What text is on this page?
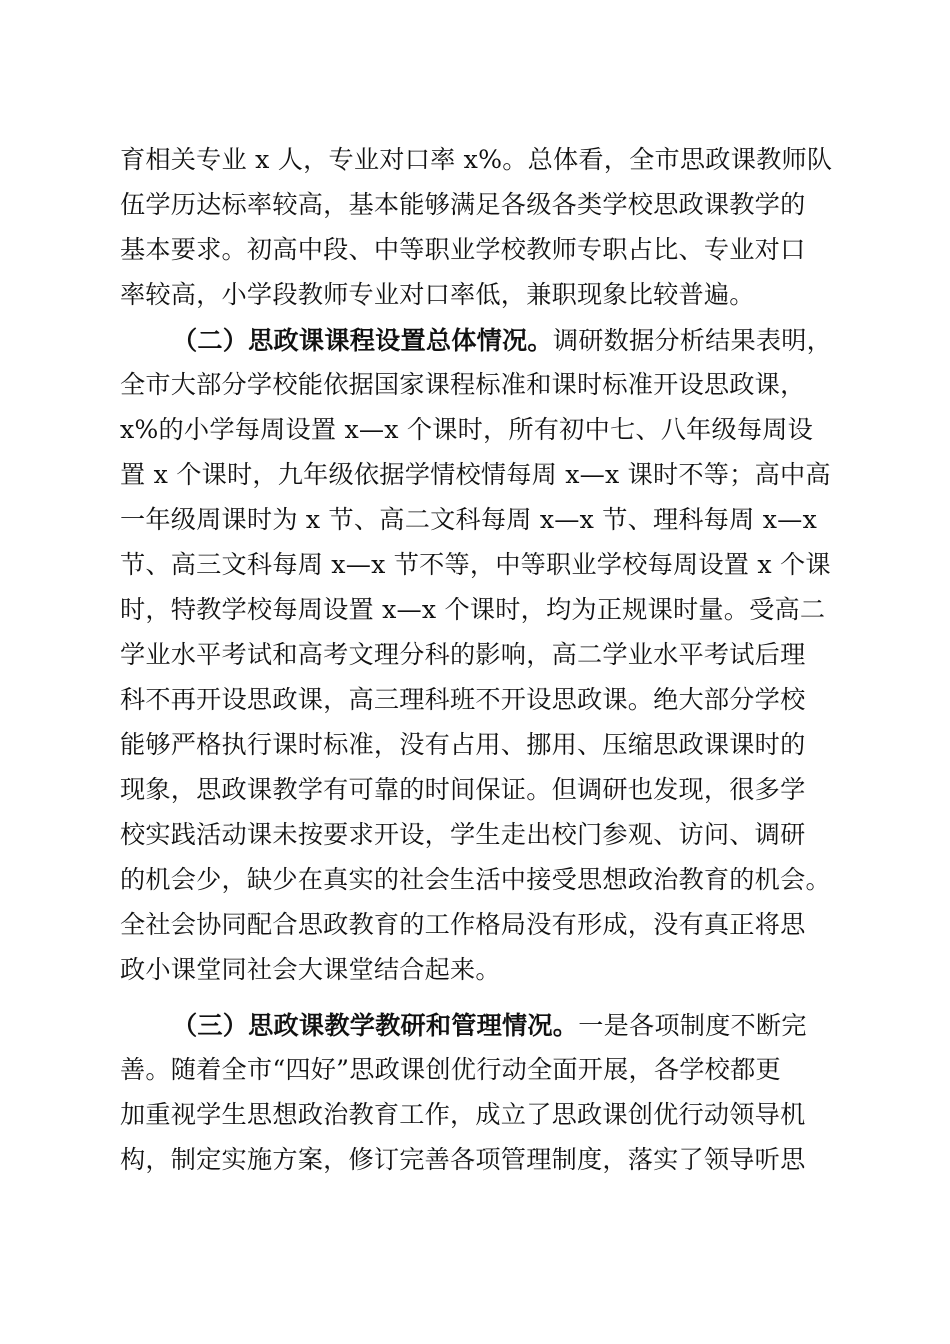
育相关专业 x 人，专业对口率 x%。总体看，全市思政课教师队
伍学历达标率较高，基本能够满足各级各类学校思政课教学的
基本要求。初高中段、中等职业学校教师专职占比、专业对口
率较高，小学段教师专业对口率低，兼职现象比较普遍。
（二）思政课课程设置总体情况。调研数据分析结果表明，
全市大部分学校能依据国家课程标准和课时标准开设思政课，
x%的小学每周设置 x—x 个课时，所有初中七、八年级每周设
置 x 个课时，九年级依据学情校情每周 x—x 课时不等；高中高
一年级周课时为 x 节、高二文科每周 x—x 节、理科每周 x—x
节、高三文科每周 x—x 节不等，中等职业学校每周设置 x 个课
时，特教学校每周设置 x—x 个课时，均为正规课时量。受高二
学业水平考试和高考文理分科的影响，高二学业水平考试后理
科不再开设思政课，高三理科班不开设思政课。绝大部分学校
能够严格执行课时标准，没有占用、挪用、压缩思政课课时的
现象，思政课教学有可靠的时间保证。但调研也发现，很多学
校实践活动课未按要求开设，学生走出校门参观、访问、调研
的机会少，缺少在真实的社会生活中接受思想政治教育的机会。
全社会协同配合思政教育的工作格局没有形成，没有真正将思
政小课堂同社会大课堂结合起来。
（三）思政课教学教研和管理情况。一是各项制度不断完
善。随着全市“四好”思政课创优行动全面开展，各学校都更
加重视学生思想政治教育工作，成立了思政课创优行动领导机
构，制定实施方案，修订完善各项管理制度，落实了领导听思
